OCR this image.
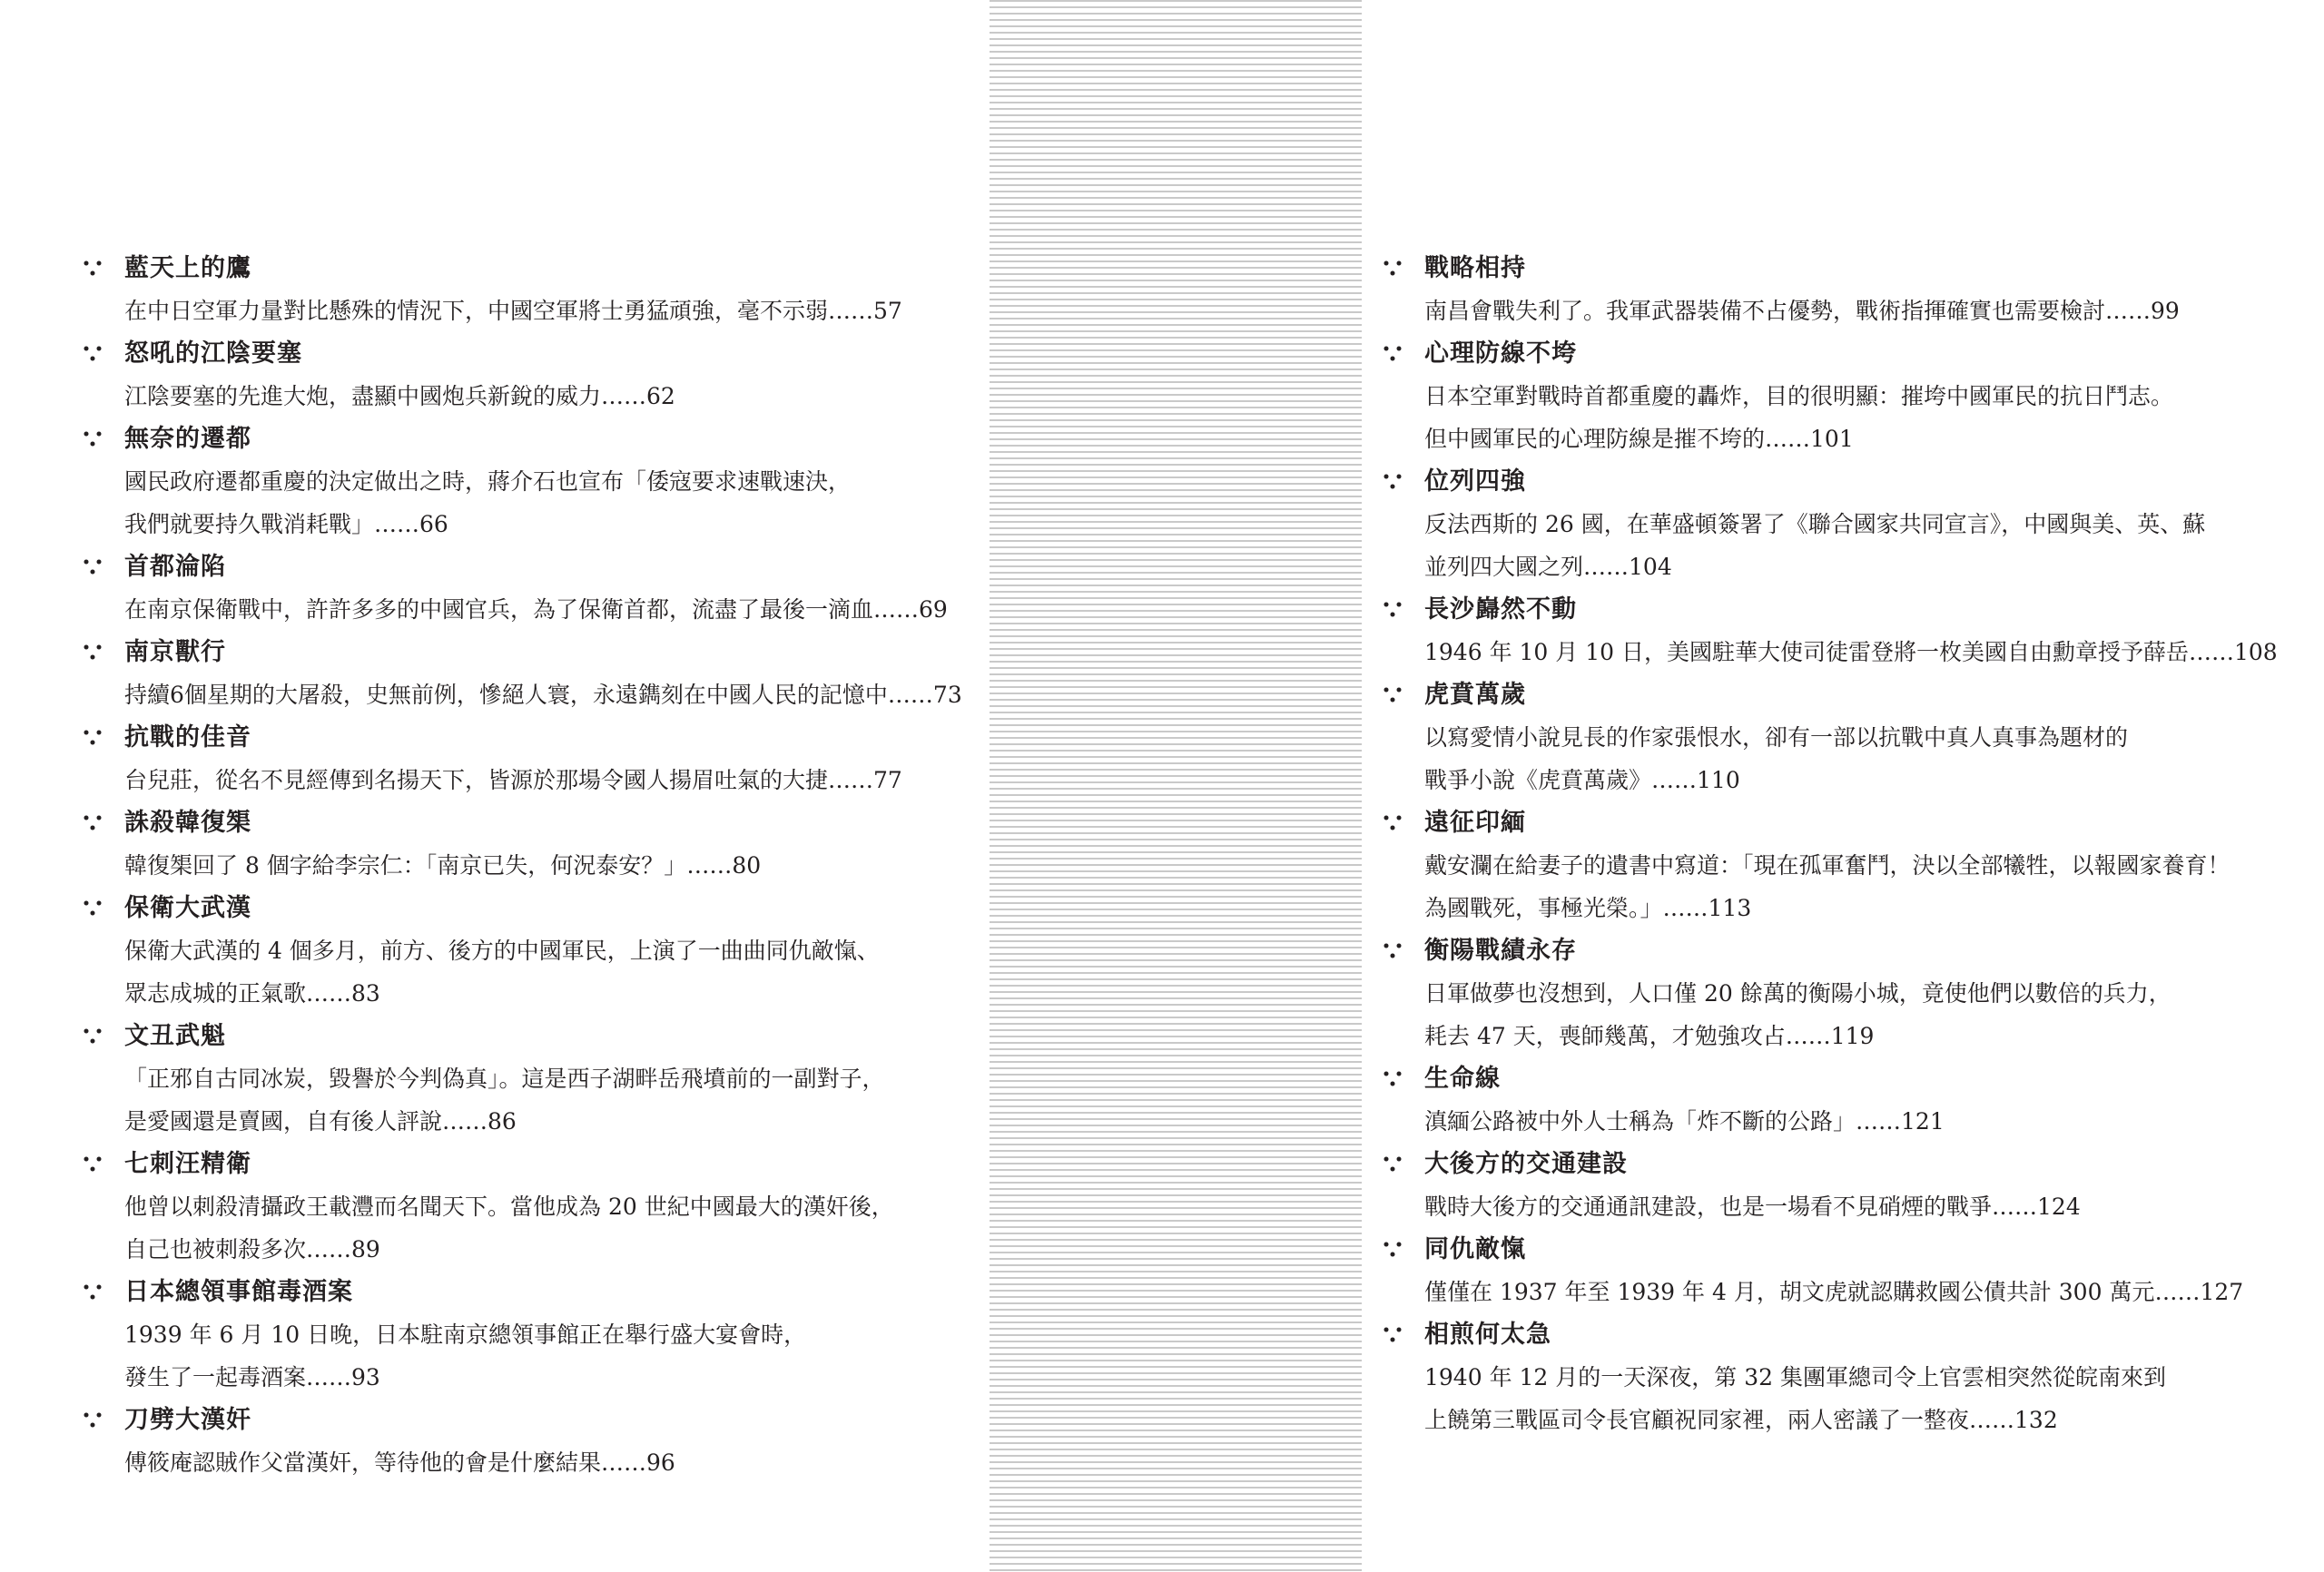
藍天上的鷹
在中日空軍力量對比懸殊的情況下，中國空軍將士勇猛頑強，毫不示弱……57
怒吼的江陰要塞
江陰要塞的先進大炮，盡顯中國炮兵新銳的威力……62
無奈的遷都
國民政府遷都重慶的決定做出之時，蔣介石也宣布「倭寇要求速戰速決，
我們就要持久戰消耗戰」……66
首都淪陷
在南京保衛戰中，許許多多的中國官兵，為了保衛首都，流盡了最後一滴血……69
南京獸行
持續6個星期的大屠殺，史無前例，慘絕人寰，永遠鐫刻在中國人民的記憶中……73
抗戰的佳音
台兒莊，從名不見經傳到名揚天下，皆源於那場令國人揚眉吐氣的大捷……77
誅殺韓復榘
韓復榘回了 8 個字給李宗仁：「南京已失，何況泰安？」……80
保衛大武漢
保衛大武漢的 4 個多月，前方、後方的中國軍民，上演了一曲曲同仇敵愾、
眾志成城的正氣歌……83
文丑武魁
「正邪自古同冰炭，毀譽於今判偽真」。這是西子湖畔岳飛墳前的一副對子，
是愛國還是賣國，自有後人評說……86
七刺汪精衛
他曾以刺殺清攝政王載灃而名聞天下。當他成為 20 世紀中國最大的漢奸後，
自己也被刺殺多次……89
日本總領事館毒酒案
1939 年 6 月 10 日晚，日本駐南京總領事館正在舉行盛大宴會時，
發生了一起毒酒案……93
刀劈大漢奸
傅筱庵認賊作父當漢奸，等待他的會是什麼結果……96
戰略相持
南昌會戰失利了。我軍武器裝備不占優勢，戰術指揮確實也需要檢討……99
心理防線不垮
日本空軍對戰時首都重慶的轟炸，目的很明顯：摧垮中國軍民的抗日鬥志。
但中國軍民的心理防線是摧不垮的……101
位列四強
反法西斯的 26 國，在華盛頓簽署了《聯合國家共同宣言》，中國與美、英、蘇
並列四大國之列……104
長沙巋然不動
1946 年 10 月 10 日，美國駐華大使司徒雷登將一枚美國自由勳章授予薛岳……108
虎賁萬歲
以寫愛情小說見長的作家張恨水，卻有一部以抗戰中真人真事為題材的
戰爭小說《虎賁萬歲》……110
遠征印緬
戴安瀾在給妻子的遺書中寫道：「現在孤軍奮鬥，決以全部犧牲，以報國家養育！
為國戰死，事極光榮。」……113
衡陽戰績永存
日軍做夢也沒想到，人口僅 20 餘萬的衡陽小城，竟使他們以數倍的兵力，
耗去 47 天，喪師幾萬，才勉強攻占……119
生命線
滇緬公路被中外人士稱為「炸不斷的公路」……121
大後方的交通建設
戰時大後方的交通通訊建設，也是一場看不見硝煙的戰爭……124
同仇敵愾
僅僅在 1937 年至 1939 年 4 月，胡文虎就認購救國公債共計 300 萬元……127
相煎何太急
1940 年 12 月的一天深夜，第 32 集團軍總司令上官雲相突然從皖南來到
上饒第三戰區司令長官顧祝同家裡，兩人密議了一整夜……132
